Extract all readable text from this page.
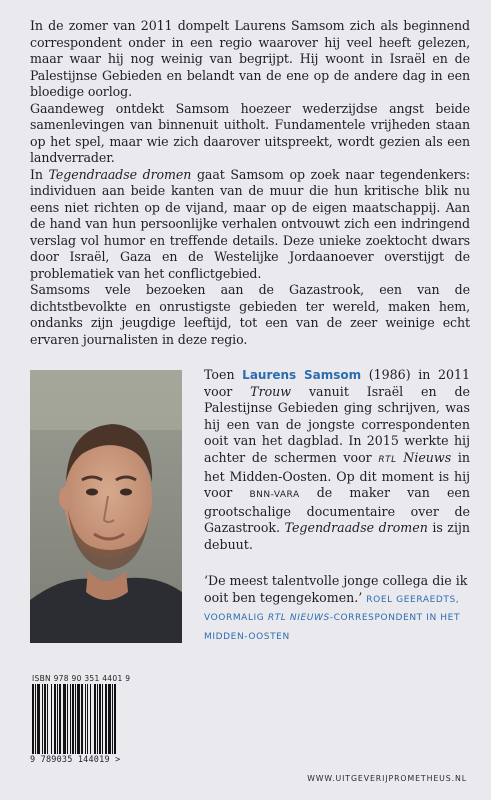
In de zomer van 2011 dompelt Laurens Samsom zich als beginnend correspondent onder in een regio waarover hij veel heeft gelezen, maar waar hij nog weinig van begrijpt. Hij woont in Israël en de Palestijnse Gebieden en belandt van de ene op de andere dag in een bloedige oorlog.

Gaandeweg ontdekt Samsom hoezeer wederzijdse angst beide samenlevingen van binnenuit uitholt. Fundamentele vrijheden staan op het spel, maar wie zich daarover uitspreekt, wordt gezien als een landverrader.

In Tegendraadse dromen gaat Samsom op zoek naar tegendenkers: individuen aan beide kanten van de muur die hun kritische blik nu eens niet richten op de vijand, maar op de eigen maatschappij. Aan de hand van hun persoonlijke verhalen ontvouwt zich een indringend verslag vol humor en treffende details. Deze unieke zoektocht dwars door Israël, Gaza en de Westelijke Jordaanoever overstijgt de problematiek van het conflictgebied.

Samsoms vele bezoeken aan de Gazastrook, een van de dichtstbevolkte en onrustigste gebieden ter wereld, maken hem, ondanks zijn jeugdige leeftijd, tot een van de zeer weinige echt ervaren journalisten in deze regio.

Toen Laurens Samsom (1986) in 2011 voor Trouw vanuit Israël en de Palestijnse Gebieden ging schrijven, was hij een van de jongste correspondenten ooit van het dagblad. In 2015 werkte hij achter de schermen voor RTL Nieuws in het Midden-Oosten. Op dit moment is hij voor BNN-VARA de maker van een grootschalige documentaire over de Gazastrook. Tegendraadse dromen is zijn debuut.

‘De meest talentvolle jonge collega die ik ooit ben tegengekomen.’ ROEL GEERAEDTS,
VOORMALIG RTL NIEUWS-CORRESPONDENT IN HET MIDDEN-OOSTEN
ISBN 978 90 351 4401 9
9 789035 144019 >
WWW.UITGEVERIJPROMETHEUS.NL
